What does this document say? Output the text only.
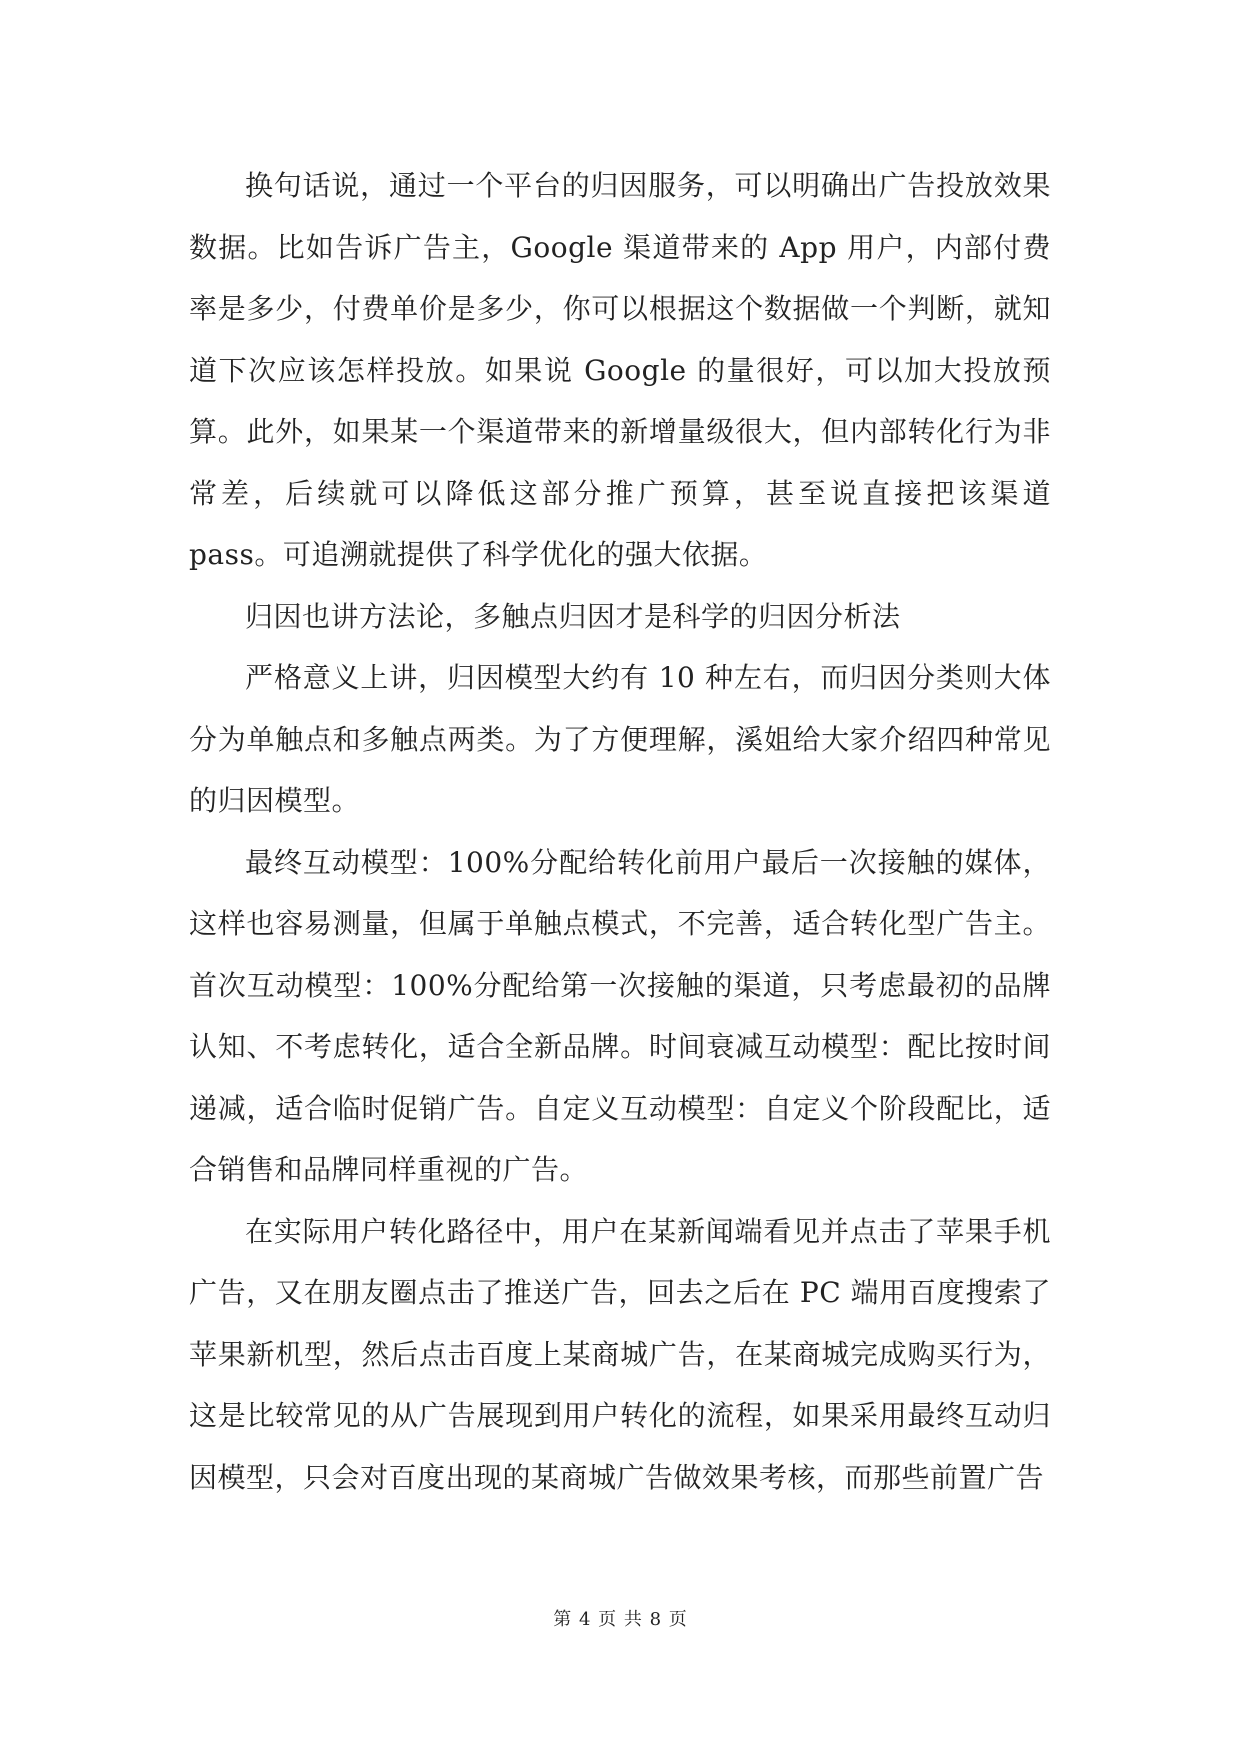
换句话说，通过一个平台的归因服务，可以明确出广告投放效果数据。比如告诉广告主，Google 渠道带来的 App 用户，内部付费率是多少，付费单价是多少，你可以根据这个数据做一个判断，就知道下次应该怎样投放。如果说 Google 的量很好，可以加大投放预算。此外，如果某一个渠道带来的新增量级很大，但内部转化行为非常差，后续就可以降低这部分推广预算，甚至说直接把该渠道 pass。可追溯就提供了科学优化的强大依据。

归因也讲方法论，多触点归因才是科学的归因分析法

严格意义上讲，归因模型大约有 10 种左右，而归因分类则大体分为单触点和多触点两类。为了方便理解，溪姐给大家介绍四种常见的归因模型。

最终互动模型：100%分配给转化前用户最后一次接触的媒体，这样也容易测量，但属于单触点模式，不完善，适合转化型广告主。首次互动模型：100%分配给第一次接触的渠道，只考虑最初的品牌认知、不考虑转化，适合全新品牌。时间衰减互动模型：配比按时间递减，适合临时促销广告。自定义互动模型：自定义个阶段配比，适合销售和品牌同样重视的广告。

在实际用户转化路径中，用户在某新闻端看见并点击了苹果手机广告，又在朋友圈点击了推送广告，回去之后在 PC 端用百度搜索了苹果新机型，然后点击百度上某商城广告，在某商城完成购买行为，这是比较常见的从广告展现到用户转化的流程，如果采用最终互动归因模型，只会对百度出现的某商城广告做效果考核，而那些前置广告

第 4 页 共 8 页
